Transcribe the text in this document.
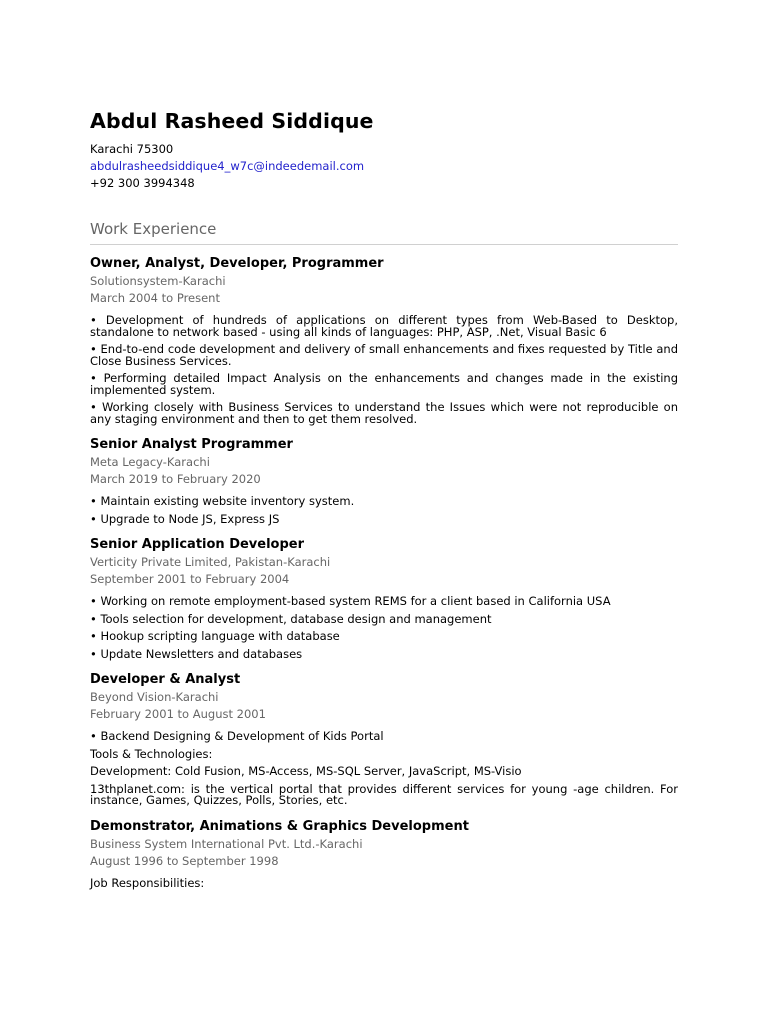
Abdul Rasheed Siddique
Karachi 75300
abdulrasheedsiddique4_w7c@indeedemail.com
+92 300 3994348
Work Experience
Owner, Analyst, Developer, Programmer
Solutionsystem-Karachi
March 2004 to Present

• Development of hundreds of applications on different types from Web-Based to Desktop, standalone to network based - using all kinds of languages: PHP, ASP, .Net, Visual Basic 6

• End-to-end code development and delivery of small enhancements and fixes requested by Title and Close Business Services.

• Performing detailed Impact Analysis on the enhancements and changes made in the existing implemented system.

• Working closely with Business Services to understand the Issues which were not reproducible on any staging environment and then to get them resolved.

Senior Analyst Programmer
Meta Legacy-Karachi
March 2019 to February 2020

• Maintain existing website inventory system.

• Upgrade to Node JS, Express JS

Senior Application Developer
Verticity Private Limited, Pakistan-Karachi
September 2001 to February 2004

• Working on remote employment-based system REMS for a client based in California USA

• Tools selection for development, database design and management

• Hookup scripting language with database

• Update Newsletters and databases

Developer & Analyst
Beyond Vision-Karachi
February 2001 to August 2001

• Backend Designing & Development of Kids Portal

Tools & Technologies:

Development: Cold Fusion, MS-Access, MS-SQL Server, JavaScript, MS-Visio

13thplanet.com: is the vertical portal that provides different services for young -age children. For instance, Games, Quizzes, Polls, Stories, etc.

Demonstrator, Animations & Graphics Development
Business System International Pvt. Ltd.-Karachi
August 1996 to September 1998

Job Responsibilities:
